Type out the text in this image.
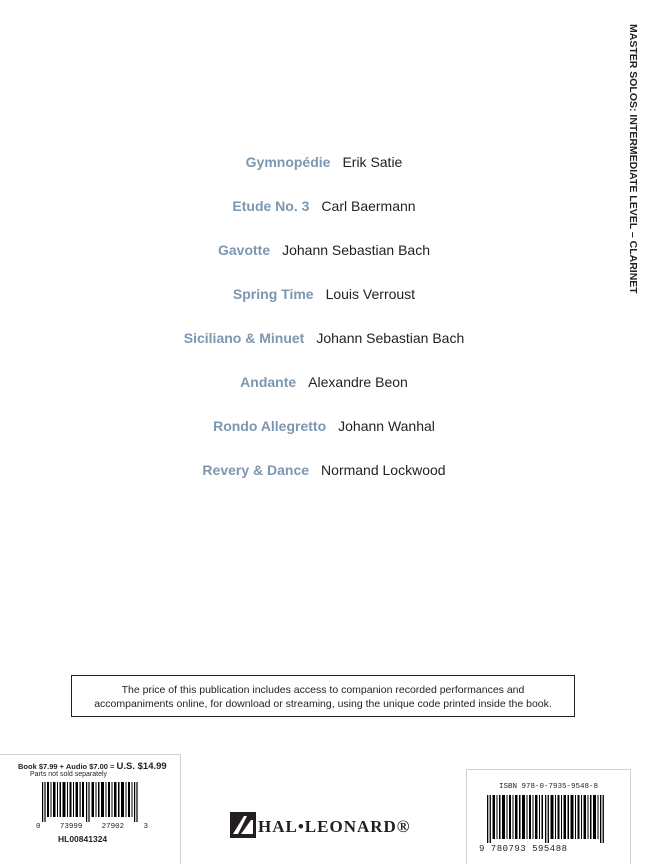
MASTER SOLOS: INTERMEDIATE LEVEL – CLARINET
Gymnopédie Erik Satie
Etude No. 3 Carl Baermann
Gavotte Johann Sebastian Bach
Spring Time Louis Verroust
Siciliano & Minuet Johann Sebastian Bach
Andante Alexandre Beon
Rondo Allegretto Johann Wanhal
Revery & Dance Normand Lockwood
The price of this publication includes access to companion recorded performances and
accompaniments online, for download or streaming, using the unique code printed inside the book.
Book $7.99 + Audio $7.00 = U.S. $14.99
Parts not sold separately
0	73999	27902	3
HL00841324
HAL•LEONARD®
ISBN 978-0-7935-9548-8
9 780793 595488
